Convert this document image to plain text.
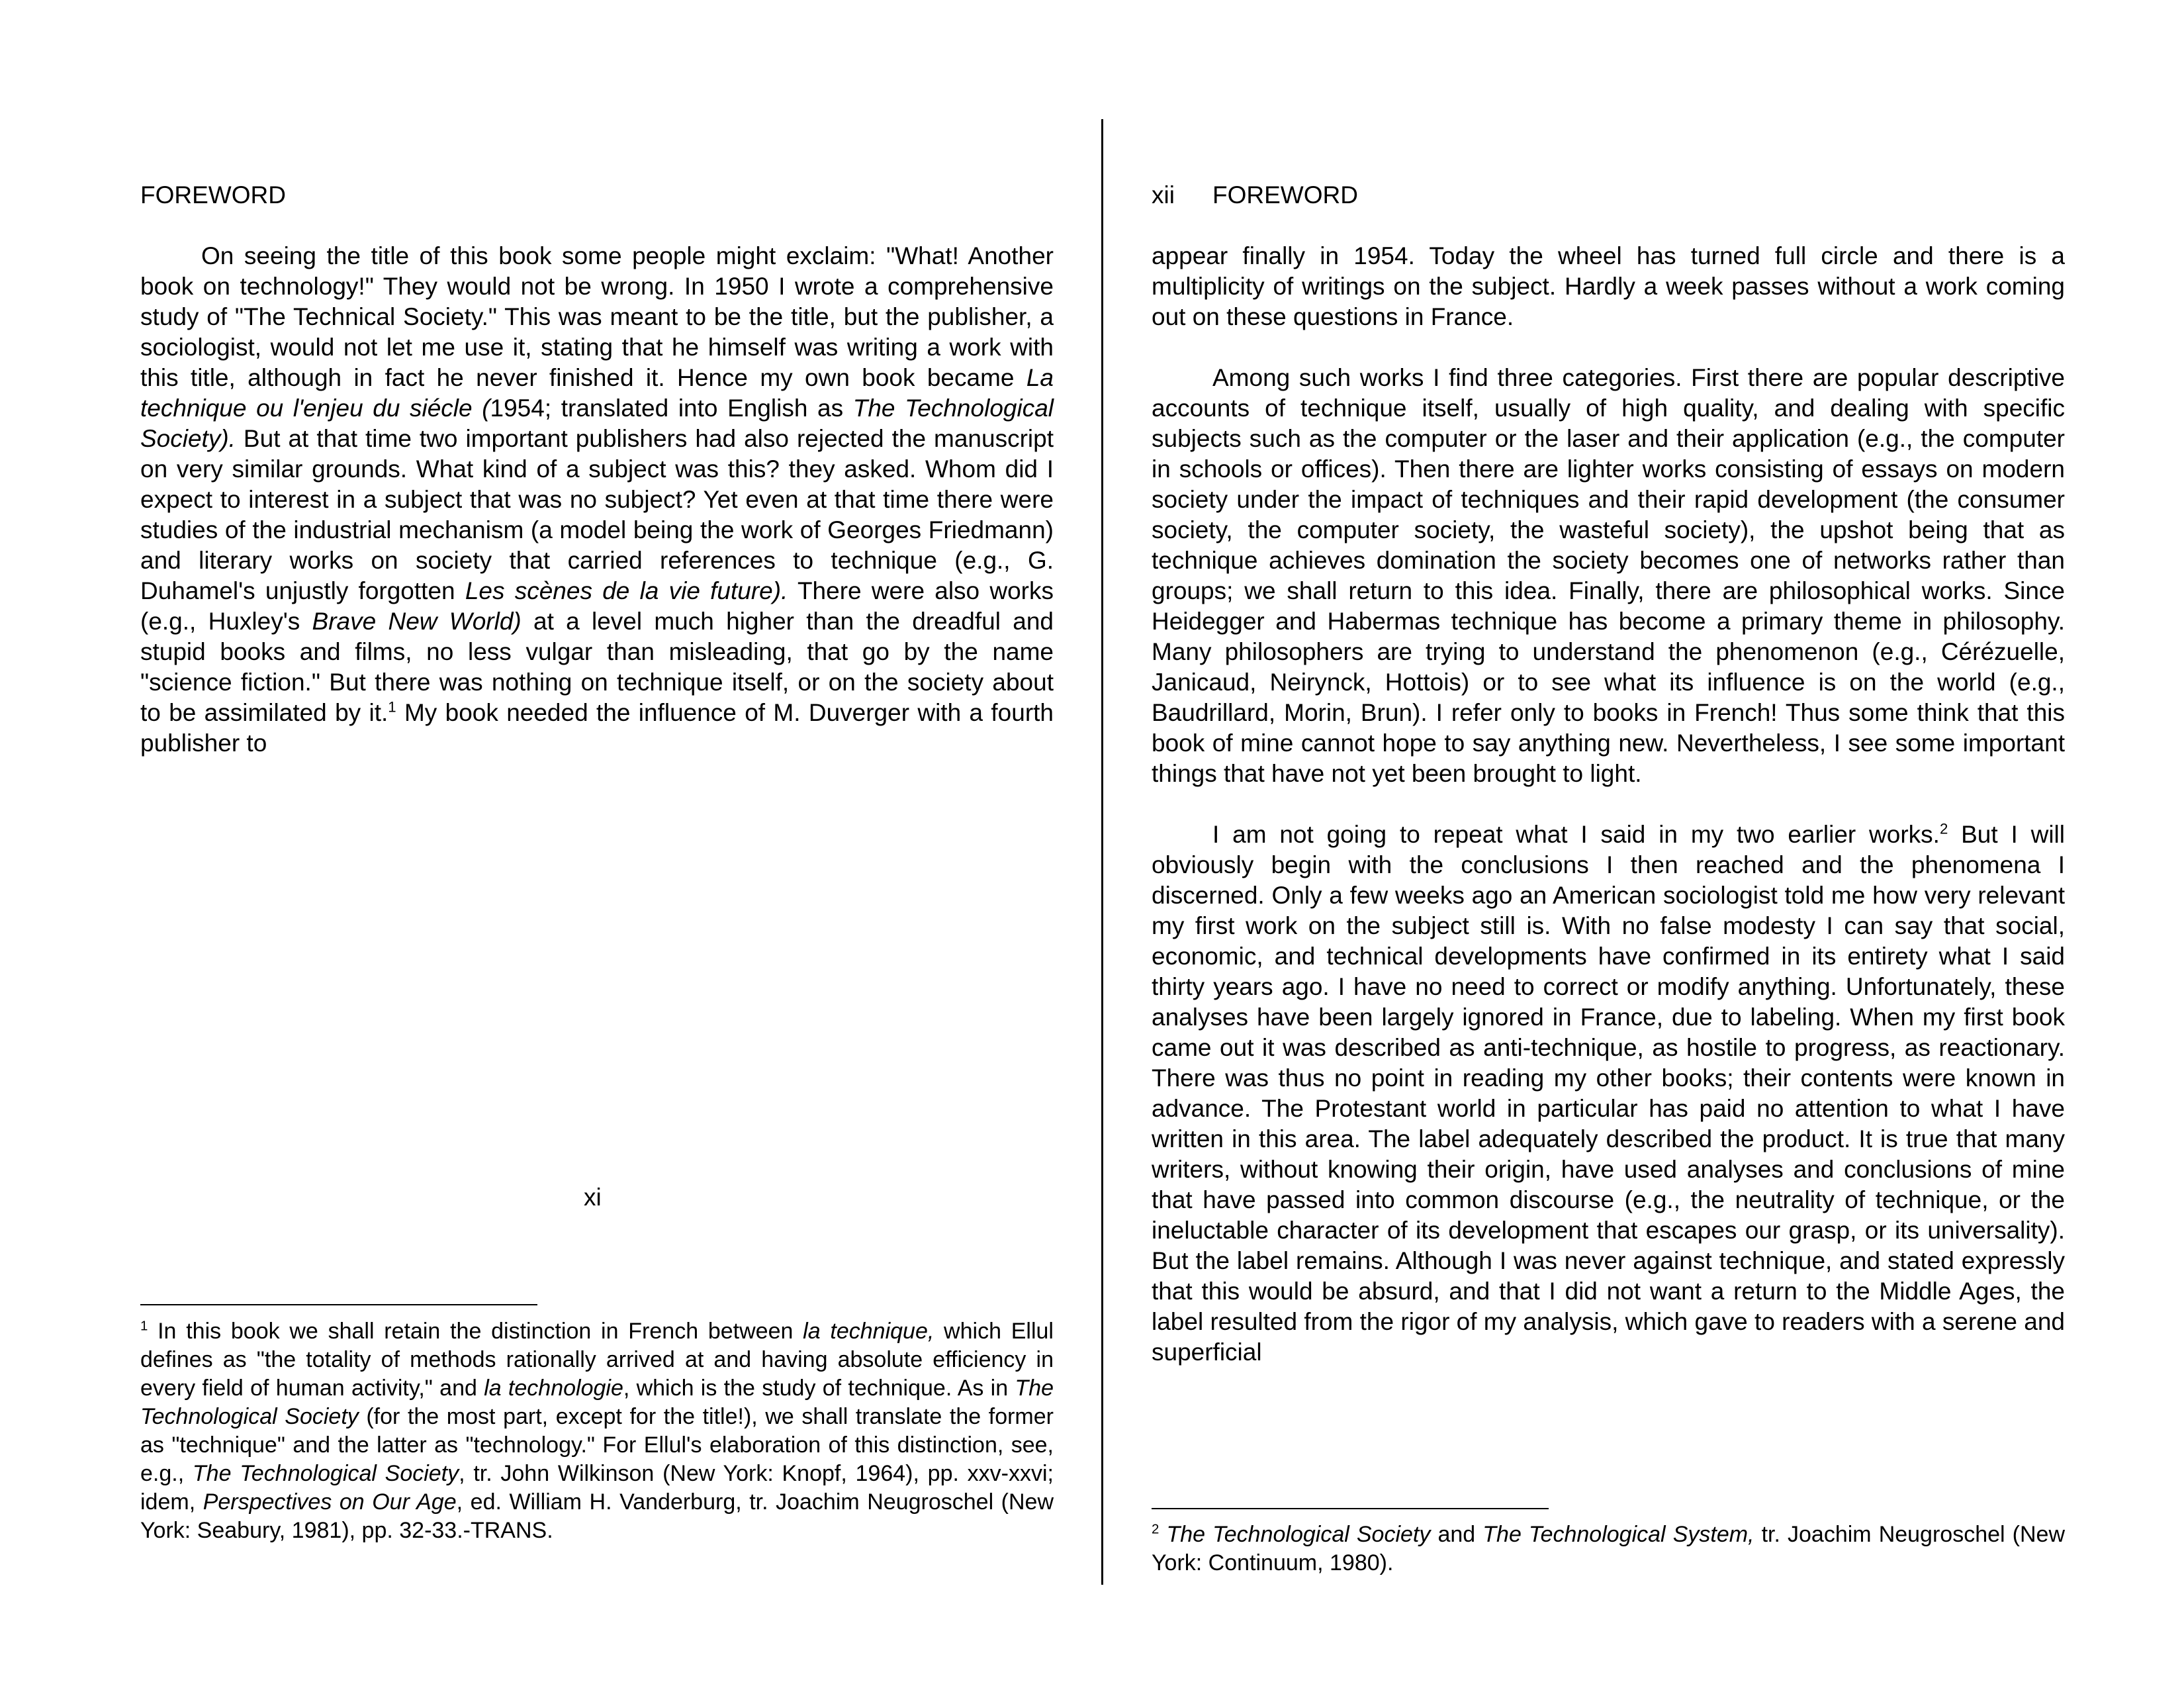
FOREWORD

On seeing the title of this book some people might exclaim: "What! Another book on technology!" They would not be wrong. In 1950 I wrote a comprehensive study of "The Technical Society." This was meant to be the title, but the publisher, a sociologist, would not let me use it, stating that he himself was writing a work with this title, although in fact he never finished it. Hence my own book became La technique ou l'enjeu du siécle (1954; translated into English as The Technological Society). But at that time two important publishers had also rejected the manuscript on very similar grounds. What kind of a subject was this? they asked. Whom did I expect to interest in a subject that was no subject? Yet even at that time there were studies of the industrial mechanism (a model being the work of Georges Friedmann) and literary works on society that carried references to technique (e.g., G. Duhamel's unjustly forgotten Les scènes de la vie future). There were also works (e.g., Huxley's Brave New World) at a level much higher than the dreadful and stupid books and films, no less vulgar than misleading, that go by the name "science fiction." But there was nothing on technique itself, or on the society about to be assimilated by it.$^1$ My book needed the influence of M. Duverger with a fourth publisher to

xi
$^1$ In this book we shall retain the distinction in French between la technique, which Ellul defines as "the totality of methods rationally arrived at and having absolute efficiency in every field of human activity," and la technologie, which is the study of technique. As in The Technological Society (for the most part, except for the title!), we shall translate the former as "technique" and the latter as "technology." For Ellul's elaboration of this distinction, see, e.g., The Technological Society, tr. John Wilkinson (New York: Knopf, 1964), pp. xxv-xxvi; idem, Perspectives on Our Age, ed. William H. Vanderburg, tr. Joachim Neugroschel (New York: Seabury, 1981), pp. 32-33.-TRANS.
xii FOREWORD

appear finally in 1954. Today the wheel has turned full circle and there is a multiplicity of writings on the subject. Hardly a week passes without a work coming out on these questions in France.

Among such works I find three categories. First there are popular descriptive accounts of technique itself, usually of high quality, and dealing with specific subjects such as the computer or the laser and their application (e.g., the computer in schools or offices). Then there are lighter works consisting of essays on modern society under the impact of techniques and their rapid development (the consumer society, the computer society, the wasteful society), the upshot being that as technique achieves domination the society becomes one of networks rather than groups; we shall return to this idea. Finally, there are philosophical works. Since Heidegger and Habermas technique has become a primary theme in philosophy. Many philosophers are trying to understand the phenomenon (e.g., Cérézuelle, Janicaud, Neirynck, Hottois) or to see what its influence is on the world (e.g., Baudrillard, Morin, Brun). I refer only to books in French! Thus some think that this book of mine cannot hope to say anything new. Nevertheless, I see some important things that have not yet been brought to light.

I am not going to repeat what I said in my two earlier works.$^2$ But I will obviously begin with the conclusions I then reached and the phenomena I discerned. Only a few weeks ago an American sociologist told me how very relevant my first work on the subject still is. With no false modesty I can say that social, economic, and technical developments have confirmed in its entirety what I said thirty years ago. I have no need to correct or modify anything. Unfortunately, these analyses have been largely ignored in France, due to labeling. When my first book came out it was described as anti-technique, as hostile to progress, as reactionary. There was thus no point in reading my other books; their contents were known in advance. The Protestant world in particular has paid no attention to what I have written in this area. The label adequately described the product. It is true that many writers, without knowing their origin, have used analyses and conclusions of mine that have passed into common discourse (e.g., the neutrality of technique, or the ineluctable character of its development that escapes our grasp, or its universality). But the label remains. Although I was never against technique, and stated expressly that this would be absurd, and that I did not want a return to the Middle Ages, the label resulted from the rigor of my analysis, which gave to readers with a serene and superficial

$^2$ The Technological Society and The Technological System, tr. Joachim Neugroschel (New York: Continuum, 1980).
